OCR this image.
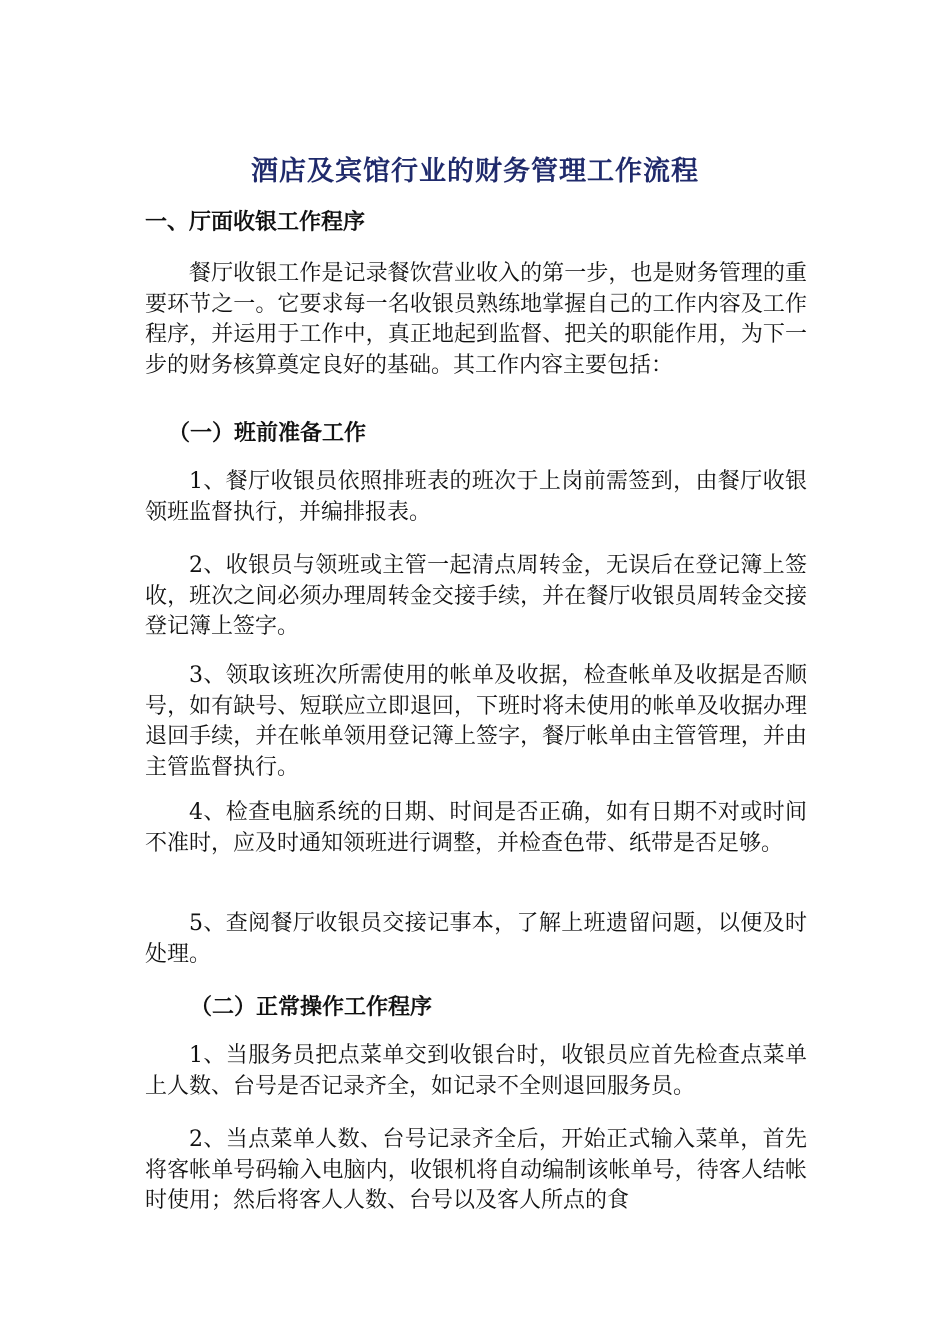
酒店及宾馆行业的财务管理工作流程
一、厅面收银工作程序
餐厅收银工作是记录餐饮营业收入的第一步，也是财务管理的重要环节之一。它要求每一名收银员熟练地掌握自己的工作内容及工作程序，并运用于工作中，真正地起到监督、把关的职能作用，为下一步的财务核算奠定良好的基础。其工作内容主要包括：
（一）班前准备工作
1、餐厅收银员依照排班表的班次于上岗前需签到，由餐厅收银领班监督执行，并编排报表。
2、收银员与领班或主管一起清点周转金，无误后在登记簿上签收，班次之间必须办理周转金交接手续，并在餐厅收银员周转金交接登记簿上签字。
3、领取该班次所需使用的帐单及收据，检查帐单及收据是否顺号，如有缺号、短联应立即退回，下班时将未使用的帐单及收据办理退回手续，并在帐单领用登记簿上签字，餐厅帐单由主管管理，并由主管监督执行。
4、检查电脑系统的日期、时间是否正确，如有日期不对或时间不准时，应及时通知领班进行调整，并检查色带、纸带是否足够。
5、查阅餐厅收银员交接记事本，了解上班遗留问题，以便及时处理。
（二）正常操作工作程序
1、当服务员把点菜单交到收银台时，收银员应首先检查点菜单上人数、台号是否记录齐全，如记录不全则退回服务员。
2、当点菜单人数、台号记录齐全后，开始正式输入菜单，首先将客帐单号码输入电脑内，收银机将自动编制该帐单号，待客人结帐时使用；然后将客人人数、台号以及客人所点的食
